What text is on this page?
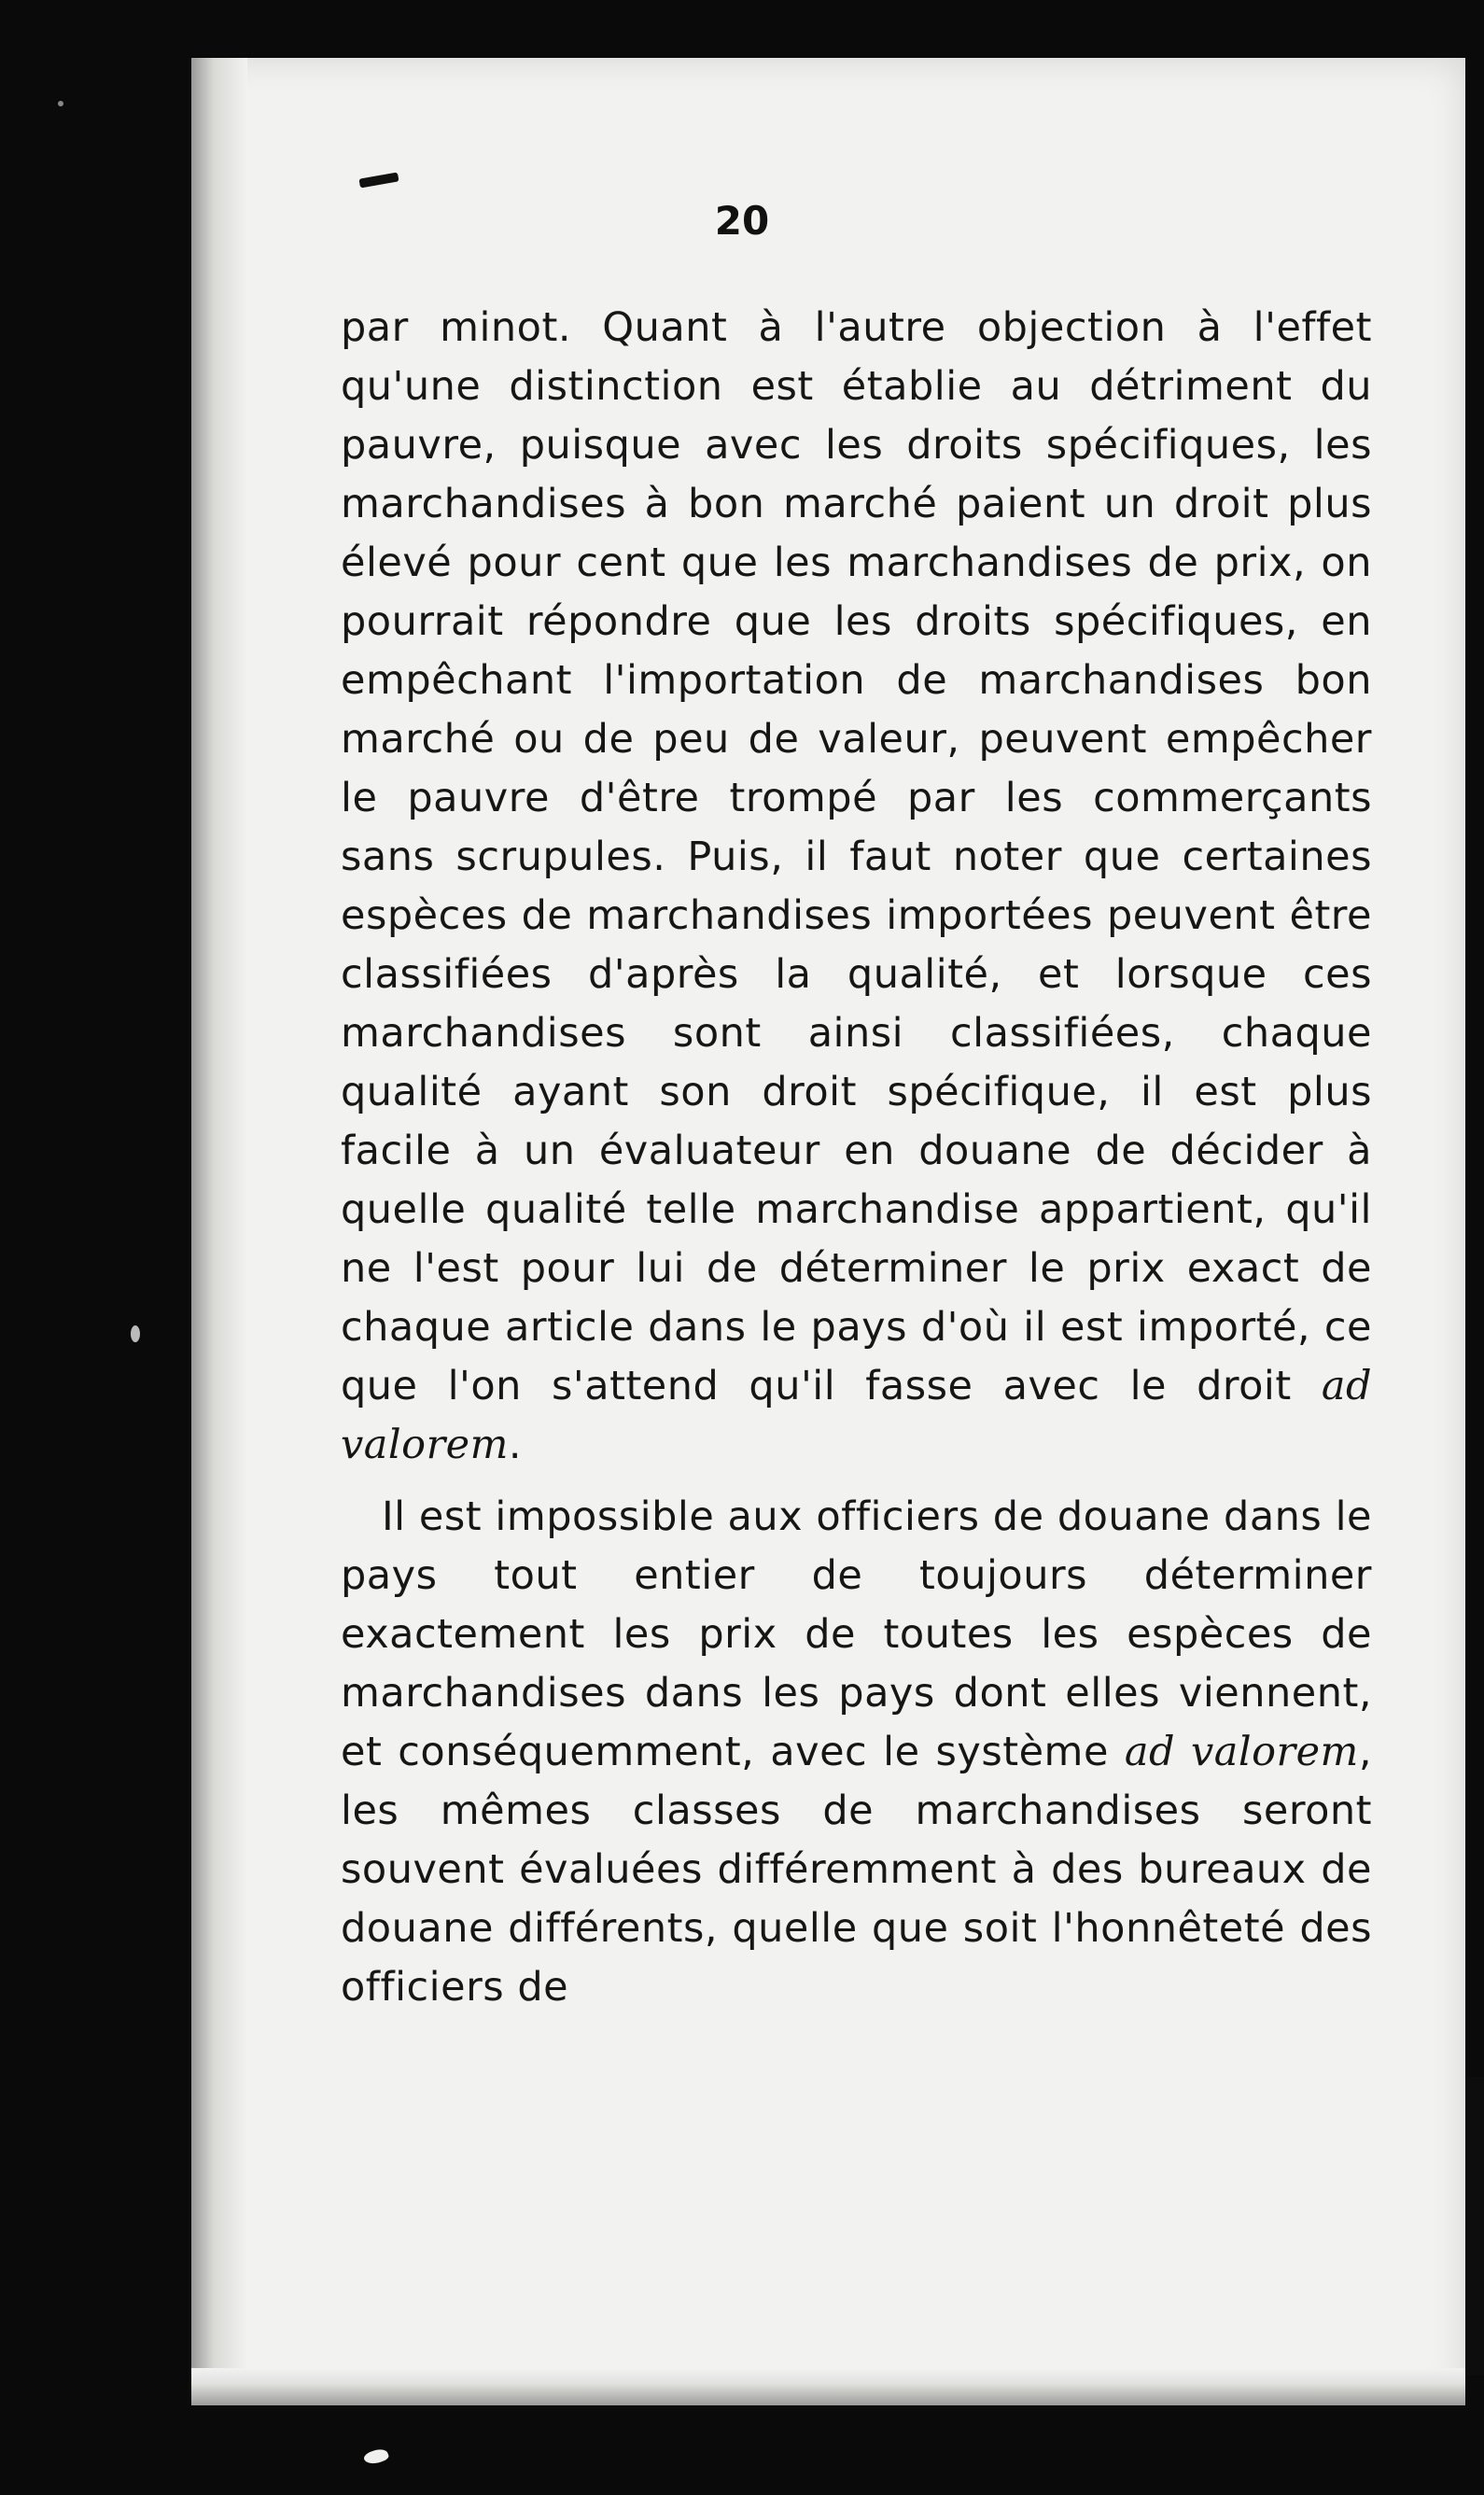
20

par minot. Quant à l'autre objection à l'effet qu'une distinction est établie au détriment du pauvre, puisque avec les droits spécifiques, les marchandises à bon marché paient un droit plus élevé pour cent que les marchandises de prix, on pourrait répondre que les droits spécifiques, en empêchant l'importation de marchandises bon marché ou de peu de valeur, peuvent empêcher le pauvre d'être trompé par les commerçants sans scrupules. Puis, il faut noter que certaines espèces de marchandises importées peuvent être classifiées d'après la qualité, et lorsque ces marchandises sont ainsi classifiées, chaque qualité ayant son droit spécifique, il est plus facile à un évaluateur en douane de décider à quelle qualité telle marchandise appartient, qu'il ne l'est pour lui de déterminer le prix exact de chaque article dans le pays d'où il est importé, ce que l'on s'attend qu'il fasse avec le droit ad valorem.

Il est impossible aux officiers de douane dans le pays tout entier de toujours déterminer exactement les prix de toutes les espèces de marchandises dans les pays dont elles viennent, et conséquemment, avec le système ad valorem, les mêmes classes de marchandises seront souvent évaluées différemment à des bureaux de douane différents, quelle que soit l'honnêteté des officiers de
